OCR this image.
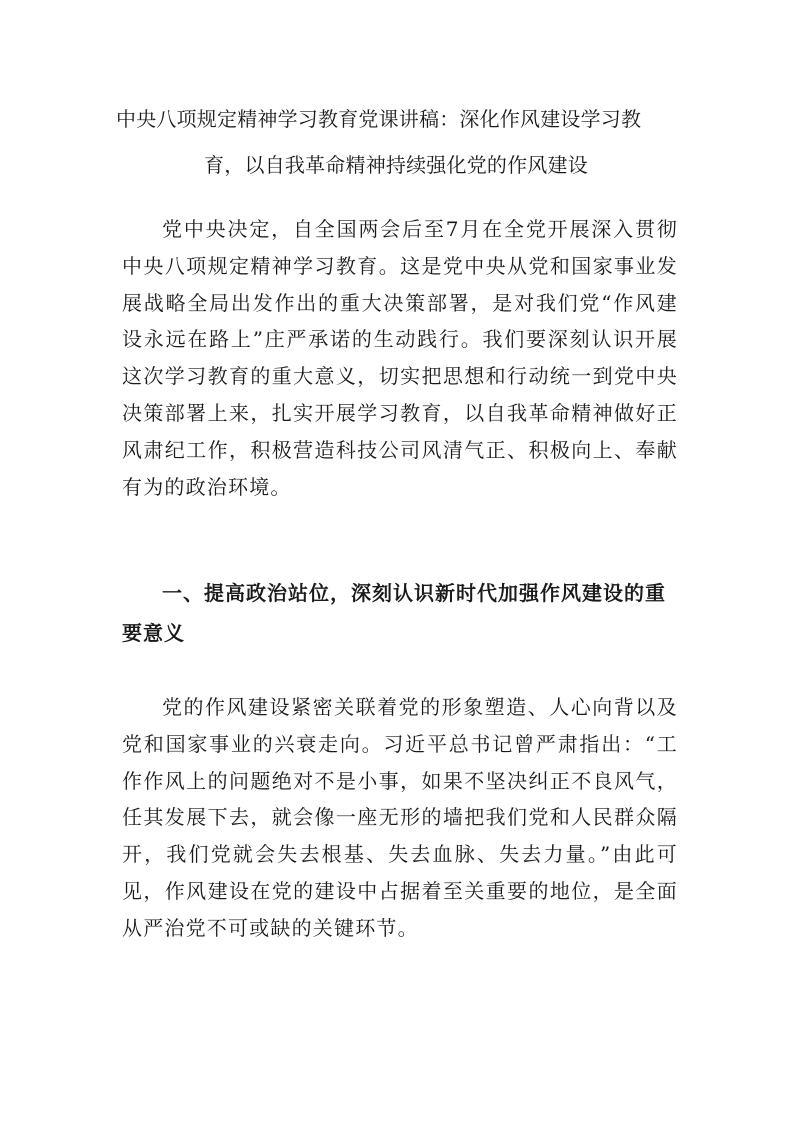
中央八项规定精神学习教育党课讲稿：深化作风建设学习教
育，以自我革命精神持续强化党的作风建设

党中央决定，自全国两会后至7月在全党开展深入贯彻中央八项规定精神学习教育。这是党中央从党和国家事业发展战略全局出发作出的重大决策部署，是对我们党“作风建设永远在路上”庄严承诺的生动践行。我们要深刻认识开展这次学习教育的重大意义，切实把思想和行动统一到党中央决策部署上来，扎实开展学习教育，以自我革命精神做好正风肃纪工作，积极营造科技公司风清气正、积极向上、奉献有为的政治环境。

一、提高政治站位，深刻认识新时代加强作风建设的重要意义

党的作风建设紧密关联着党的形象塑造、人心向背以及党和国家事业的兴衰走向。习近平总书记曾严肃指出：“工作作风上的问题绝对不是小事，如果不坚决纠正不良风气，任其发展下去，就会像一座无形的墙把我们党和人民群众隔开，我们党就会失去根基、失去血脉、失去力量。”由此可见，作风建设在党的建设中占据着至关重要的地位，是全面从严治党不可或缺的关键环节。
